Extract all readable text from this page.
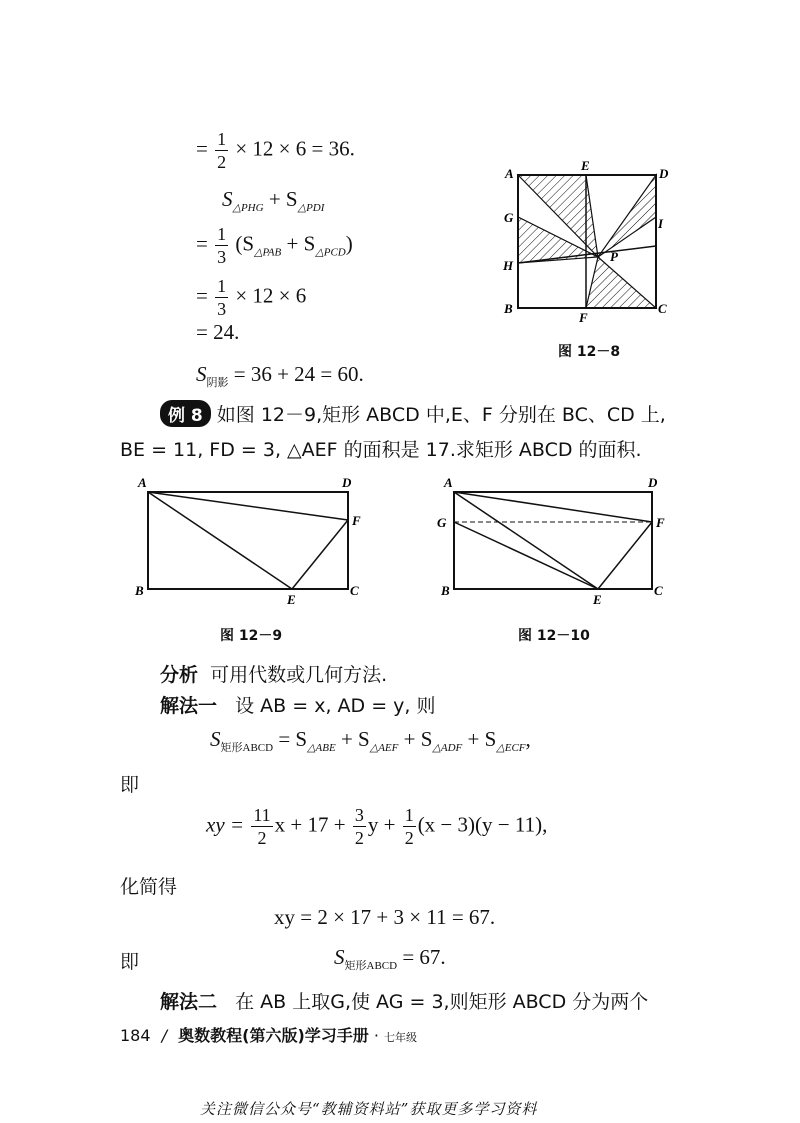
= $\frac{1}{2} \times 12 \times 6 = 36$.
$S_{\triangle PHG} + S_{\triangle PDI}$
= $\frac{1}{3} (S_{\triangle PAB} + S_{\triangle PCD})$
= $\frac{1}{3} \times 12 \times 6$
= 24.
$S_{阴影} = 36 + 24 = 60$.
A
E
D
G	I
P
H
B
F
C
图 12－8
例 8 如图 12－9,矩形 ABCD 中,E、F 分别在 BC、CD 上,
BE = 11, FD = 3, △AEF 的面积是 17.求矩形 ABCD 的面积.
A	D
F
B
E
C
图 12－9
A	D
G	F
B
E
C
图 12－10
分析 可用代数或几何方法.
解法一 设 AB = x, AD = y, 则
$S_{矩形ABCD} = S_{\triangle ABE} + S_{\triangle AEF} + S_{\triangle ADF} + S_{\triangle ECF}$,
即
xy = $\frac{11}{2}$ $x + 17 + \frac{3}{2}$ $y + \frac{1}{2} (x - 3)(y - 11)$,
化简得
xy = 2 × 17 + 3 × 11 = 67.
即	$S_{矩形ABCD} = 67$.
解法二 在 AB 上取G,使 AG = 3,则矩形 ABCD 分为两个
184 / 奥数教程(第六版)学习手册 · 七年级
关注微信公众号“教辅资料站”获取更多学习资料
